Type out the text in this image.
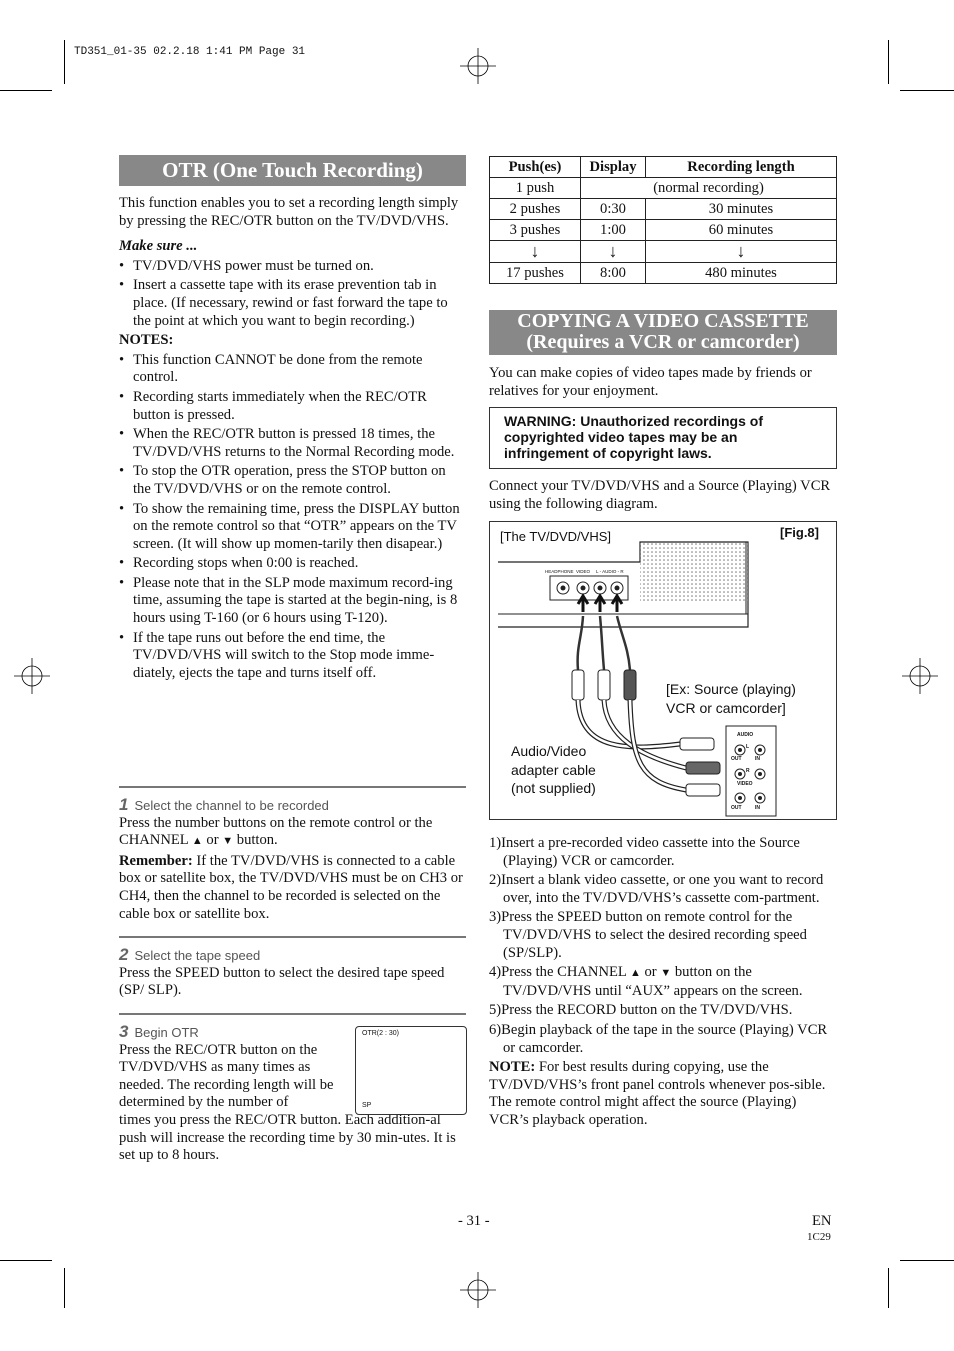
TD351_01-35 02.2.18 1:41 PM Page 31
OTR (One Touch Recording)
This function enables you to set a recording length simply by pressing the REC/OTR button on the TV/DVD/VHS.
Make sure ...
• TV/DVD/VHS power must be turned on.
• Insert a cassette tape with its erase prevention tab in place. (If necessary, rewind or fast forward the tape to the point at which you want to begin recording.)
NOTES:
• This function CANNOT be done from the remote control.
• Recording starts immediately when the REC/OTR button is pressed.
• When the REC/OTR button is pressed 18 times, the TV/DVD/VHS returns to the Normal Recording mode.
• To stop the OTR operation, press the STOP button on the TV/DVD/VHS or on the remote control.
• To show the remaining time, press the DISPLAY button on the remote control so that “OTR” appears on the TV screen. (It will show up momen-tarily then disapear.)
• Recording stops when 0:00 is reached.
• Please note that in the SLP mode maximum record-ing time, assuming the tape is started at the begin-ning, is 8 hours using T-160 (or 6 hours using T-120).
• If the tape runs out before the end time, the TV/DVD/VHS will switch to the Stop mode imme-diately, ejects the tape and turns itself off.
1 Select the channel to be recorded
Press the number buttons on the remote control or the CHANNEL ▲ or ▼ button.
Remember: If the TV/DVD/VHS is connected to a cable box or satellite box, the TV/DVD/VHS must be on CH3 or CH4, then the channel to be recorded is selected on the cable box or satellite box.
2 Select the tape speed
Press the SPEED button to select the desired tape speed (SP/ SLP).
3 Begin OTR
Press the REC/OTR button on the TV/DVD/VHS as many times as needed. The recording length will be determined by the number of
times you press the REC/OTR button. Each addition-al push will increase the recording time by 30 min-utes. It is set up to 8 hours.
OTR(2 : 30)
SP
Push(es)	Display	Recording length
1 push	(normal recording)	
2 pushes	0:30	30 minutes
3 pushes	1:00	60 minutes
↓	↓	↓
17 pushes	8:00	480 minutes
COPYING A VIDEO CASSETTE
(Requires a VCR or camcorder)
You can make copies of video tapes made by friends or relatives for your enjoyment.
WARNING: Unauthorized recordings of copyrighted video tapes may be an infringement of copyright laws.
Connect your TV/DVD/VHS and a Source (Playing) VCR using the following diagram.
[The TV/DVD/VHS]	[Fig.8]
HEADPHONE VIDEO L - AUDIO - R
[Ex: Source (playing)
VCR or camcorder]
Audio/Video
adapter cable
(not supplied)
AUDIO
L
R
OUT	IN
VIDEO
OUT	IN
1)Insert a pre-recorded video cassette into the Source (Playing) VCR or camcorder.
2)Insert a blank video cassette, or one you want to record over, into the TV/DVD/VHS’s cassette com-partment.
3)Press the SPEED button on remote control for the TV/DVD/VHS to select the desired recording speed (SP/SLP).
4)Press the CHANNEL ▲ or ▼ button on the TV/DVD/VHS until “AUX” appears on the screen.
5)Press the RECORD button on the TV/DVD/VHS.
6)Begin playback of the tape in the source (Playing) VCR or camcorder.
NOTE: For best results during copying, use the TV/DVD/VHS’s front panel controls whenever pos-sible. The remote control might affect the source (Playing) VCR’s playback operation.
- 31 -	EN
1C29
